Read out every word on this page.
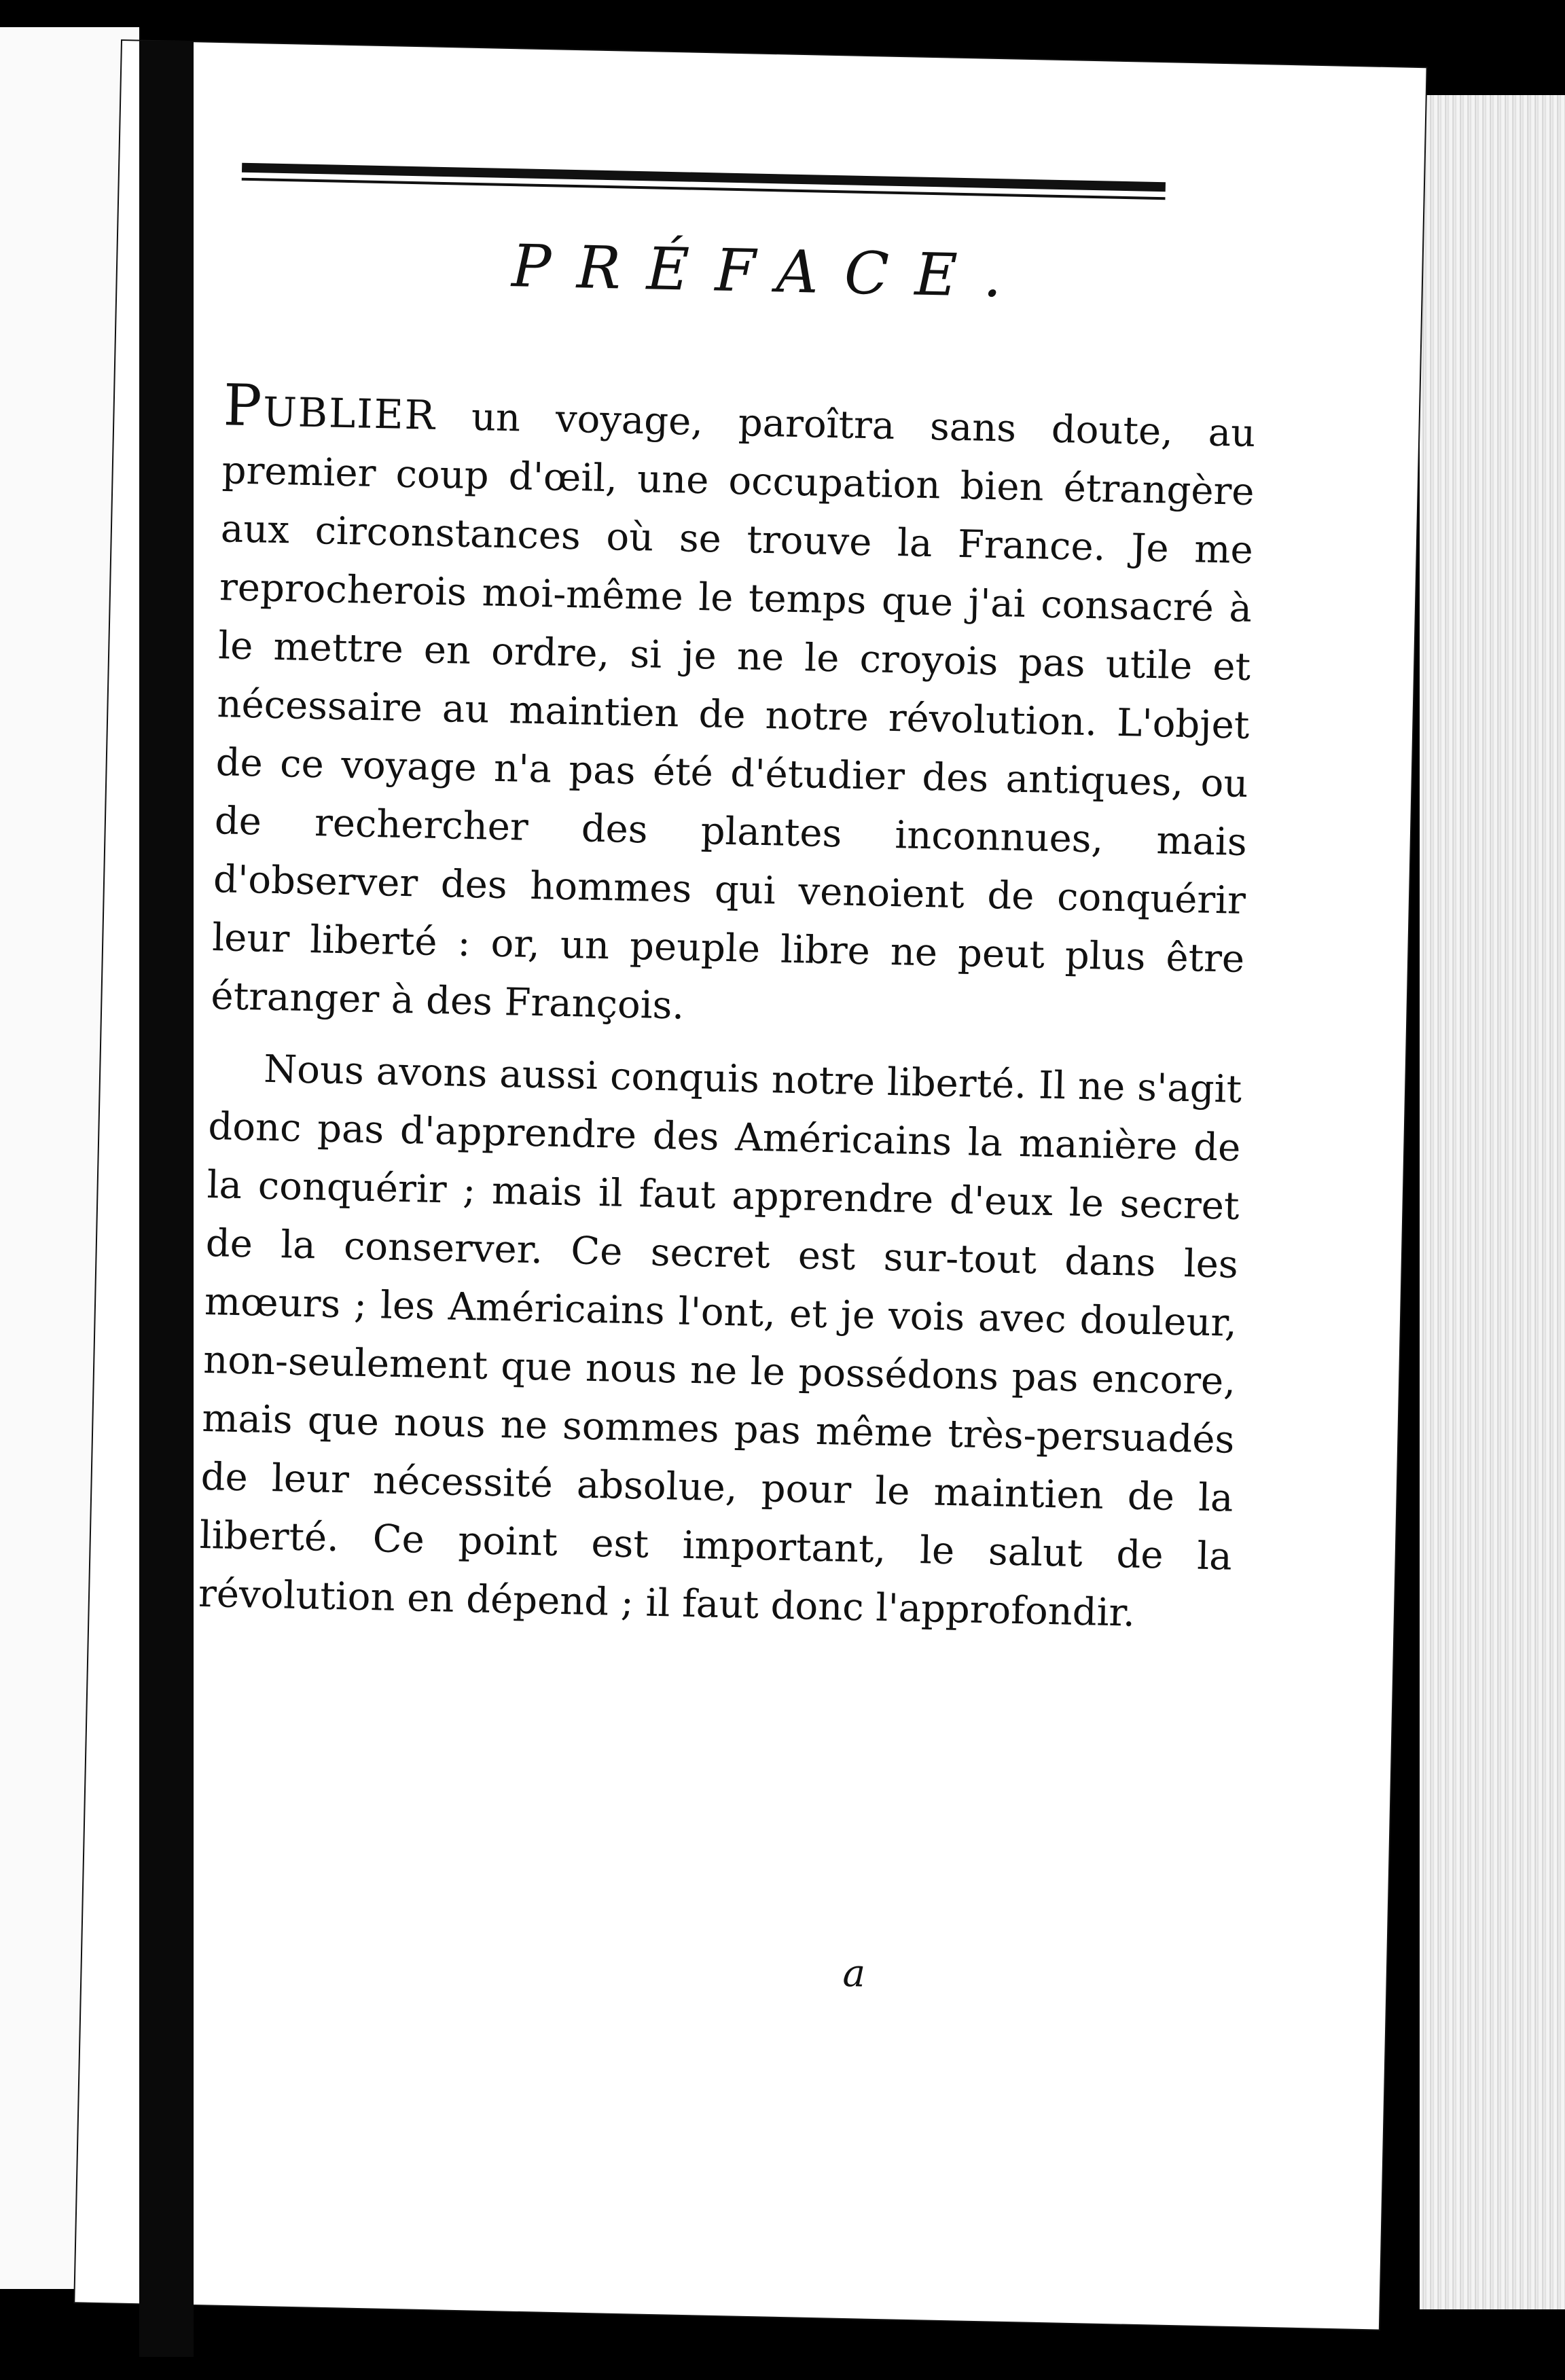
PRÉFACE.

Publier un voyage, paroîtra sans doute, au premier coup d'œil, une occupation bien étrangère aux circonstances où se trouve la France. Je me reprocherois moi-même le temps que j'ai consacré à le mettre en ordre, si je ne le croyois pas utile et nécessaire au maintien de notre révolution. L'objet de ce voyage n'a pas été d'étudier des antiques, ou de rechercher des plantes inconnues, mais d'observer des hommes qui venoient de conquérir leur liberté : or, un peuple libre ne peut plus être étranger à des François.

Nous avons aussi conquis notre liberté. Il ne s'agit donc pas d'apprendre des Américains la manière de la conquérir ; mais il faut apprendre d'eux le secret de la conserver. Ce secret est sur-tout dans les mœurs ; les Américains l'ont, et je vois avec douleur, non-seulement que nous ne le possédons pas encore, mais que nous ne sommes pas même très-persuadés de leur nécessité absolue, pour le maintien de la liberté. Ce point est important, le salut de la révolution en dépend ; il faut donc l'approfondir.

a
